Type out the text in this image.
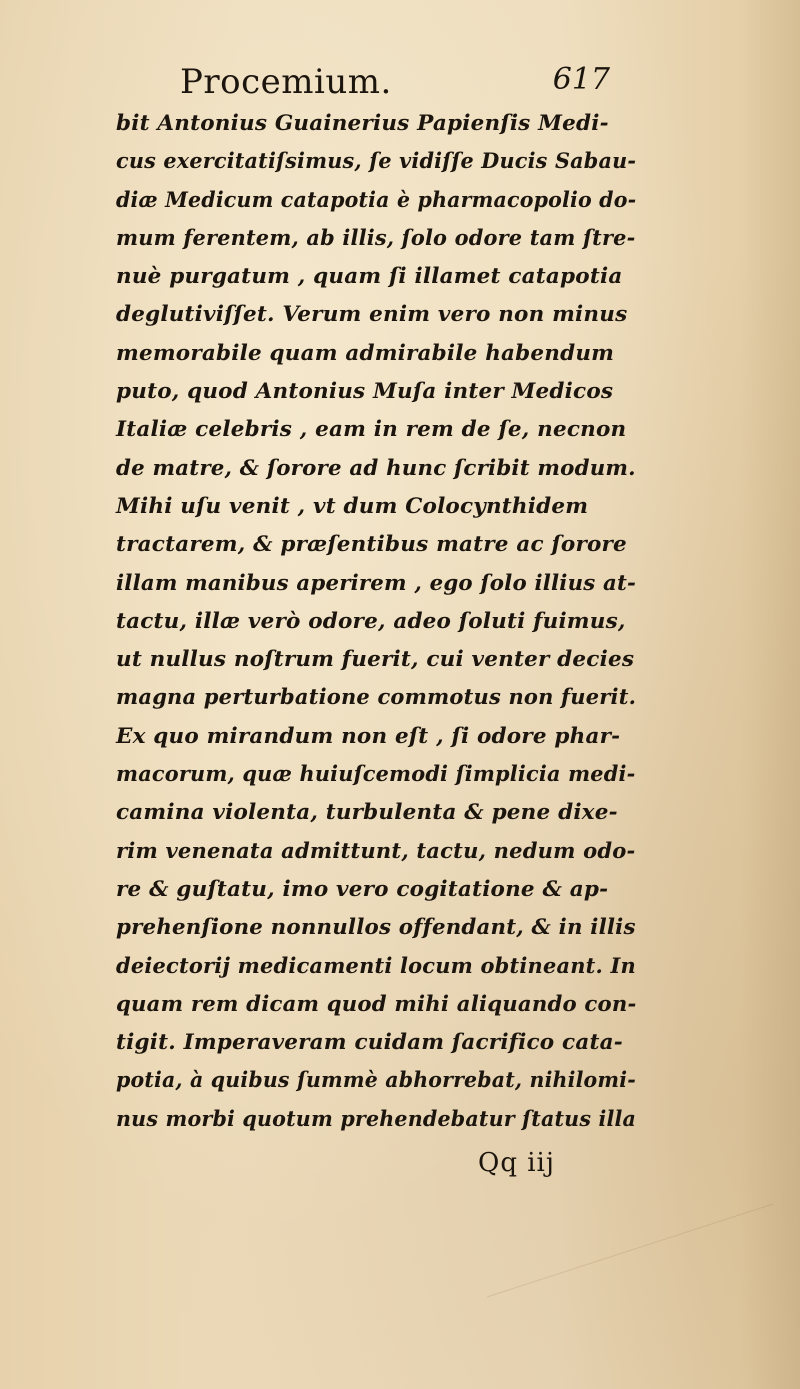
Procemium.	617
bit Antonius Guainerius Papienſis Medi-
cus exercitatiſsimus, ſe vidiſſe Ducis Sabau-
diæ Medicum catapotia è pharmacopolio do-
mum ferentem, ab illis, ſolo odore tam ſtre-
nuè purgatum , quam ſi illamet catapotia
deglutiviſſet. Verum enim vero non minus
memorabile quam admirabile habendum
puto, quod Antonius Muſa inter Medicos
Italiæ celebris , eam in rem de ſe, necnon
de matre, & ſorore ad hunc ſcribit modum.
Mihi uſu venit , vt dum Colocynthidem
tractarem, & præſentibus matre ac ſorore
illam manibus aperirem , ego ſolo illius at-
tactu, illæ verò odore, adeo ſoluti fuimus,
ut nullus noſtrum fuerit, cui venter decies
magna perturbatione commotus non fuerit.
Ex quo mirandum non eſt , ſi odore phar-
macorum, quæ huiuſcemodi ſimplicia medi-
camina violenta, turbulenta & pene dixe-
rim venenata admittunt, tactu, nedum odo-
re & guſtatu, imo vero cogitatione & ap-
prehenſione nonnullos offendant, & in illis
deiectorij medicamenti locum obtineant. In
quam rem dicam quod mihi aliquando con-
tigit. Imperaveram cuidam ſacrifico cata-
potia, à quibus ſummè abhorrebat, nihilomi-
nus morbi quotum prehendebatur ſtatus illa
Qq iij
